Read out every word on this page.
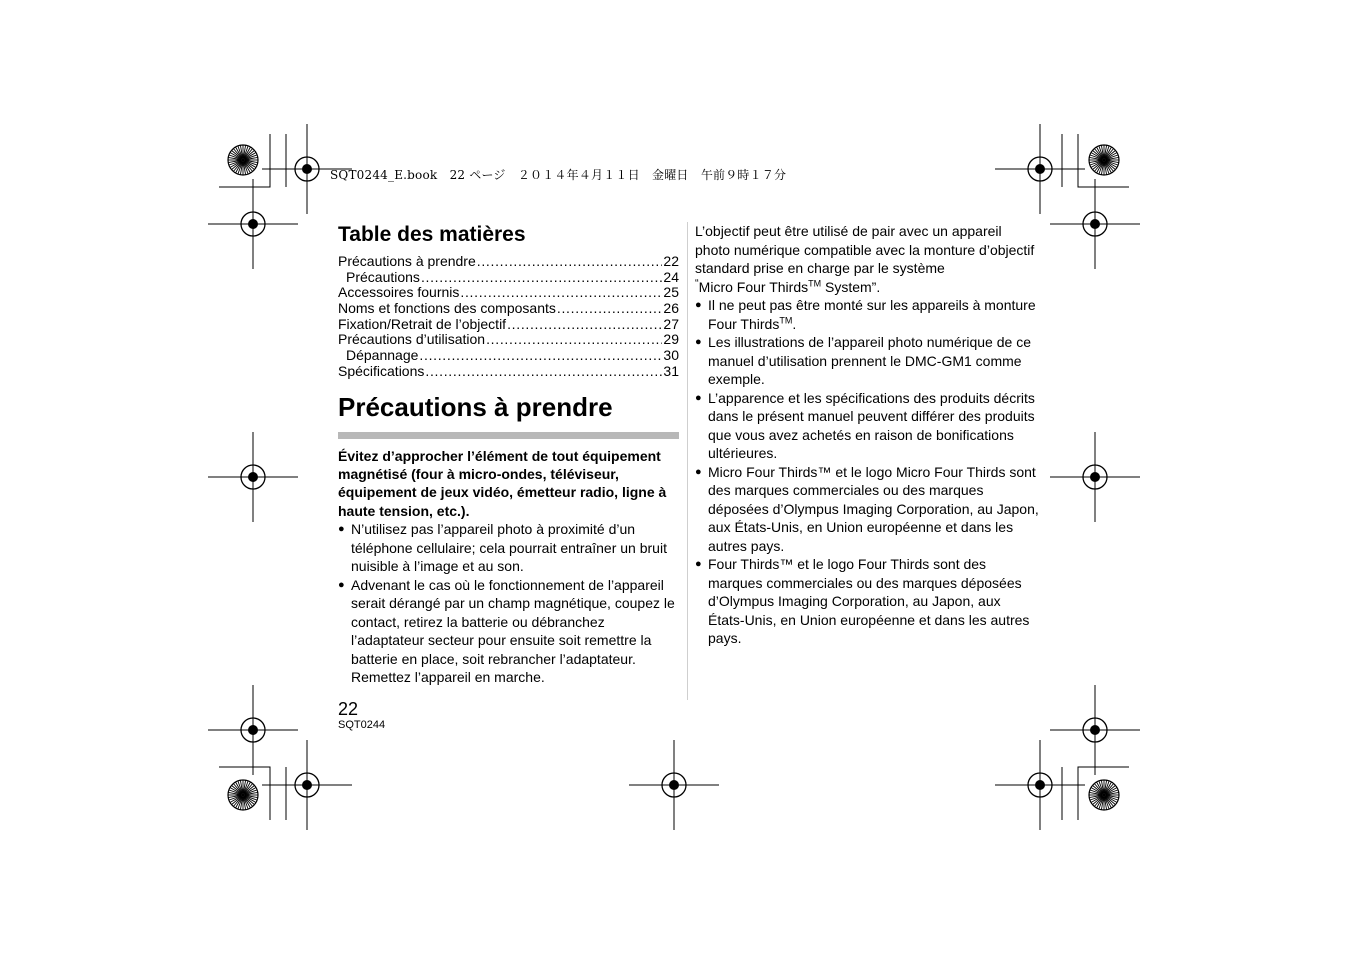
SQT0244_E.book　22 ページ　２０１４年４月１１日　金曜日　午前９時１７分
Table des matières
Précautions à prendre . . .	22
Précautions . . .	24
Accessoires fournis . . .	25
Noms et fonctions des composants . . .	26
Fixation/Retrait de l’objectif . . .	27
Précautions d’utilisation . . .	29
Dépannage . . .	30
Spécifications . . .	31
Précautions à prendre

Évitez d’approcher l’élément de tout équipement magnétisé (four à micro-ondes, téléviseur, équipement de jeux vidéo, émetteur radio, ligne à haute tension, etc.).

● N’utilisez pas l’appareil photo à proximité d’un téléphone cellulaire; cela pourrait entraîner un bruit nuisible à l’image et au son.
● Advenant le cas où le fonctionnement de l’appareil serait dérangé par un champ magnétique, coupez le contact, retirez la batterie ou débranchez l’adaptateur secteur pour ensuite soit remettre la batterie en place, soit rebrancher l’adaptateur. Remettez l’appareil en marche.

L’objectif peut être utilisé de pair avec un appareil photo numérique compatible avec la monture d’objectif standard prise en charge par le système
“Micro Four Thirds™ System”.

● Il ne peut pas être monté sur les appareils à monture Four Thirds™.
● Les illustrations de l’appareil photo numérique de ce manuel d’utilisation prennent le DMC-GM1 comme exemple.
● L’apparence et les spécifications des produits décrits dans le présent manuel peuvent différer des produits que vous avez achetés en raison de bonifications ultérieures.
● Micro Four Thirds™ et le logo Micro Four Thirds sont des marques commerciales ou des marques déposées d’Olympus Imaging Corporation, au Japon, aux États-Unis, en Union européenne et dans les autres pays.
● Four Thirds™ et le logo Four Thirds sont des marques commerciales ou des marques déposées d’Olympus Imaging Corporation, au Japon, aux États-Unis, en Union européenne et dans les autres pays.
22
SQT0244
